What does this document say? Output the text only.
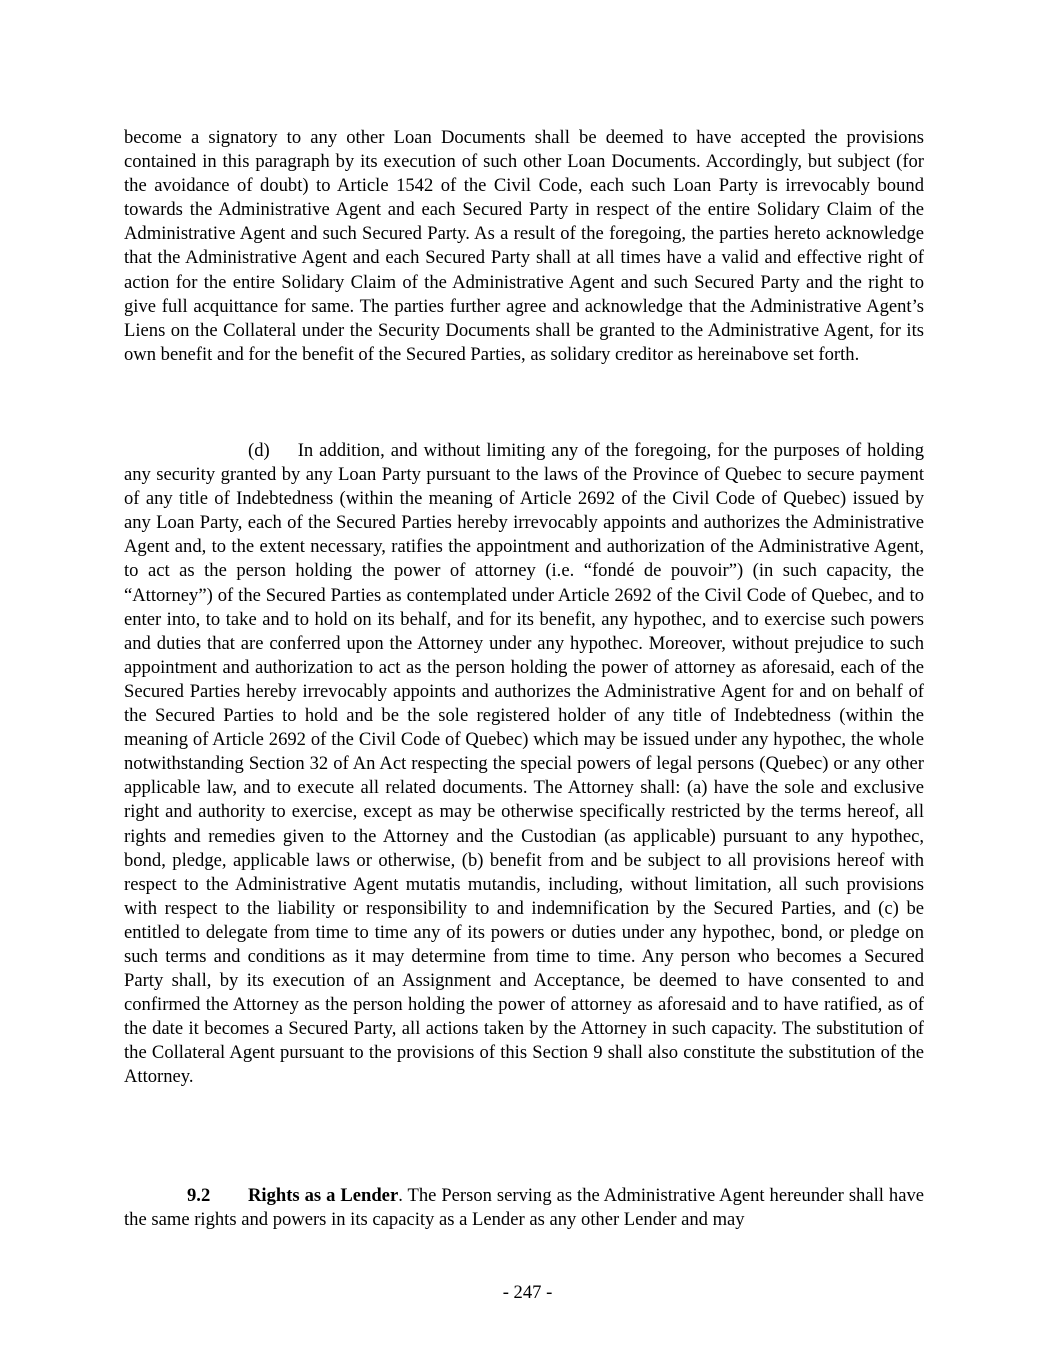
become a signatory to any other Loan Documents shall be deemed to have accepted the provisions contained in this paragraph by its execution of such other Loan Documents. Accordingly, but subject (for the avoidance of doubt) to Article 1542 of the Civil Code, each such Loan Party is irrevocably bound towards the Administrative Agent and each Secured Party in respect of the entire Solidary Claim of the Administrative Agent and such Secured Party. As a result of the foregoing, the parties hereto acknowledge that the Administrative Agent and each Secured Party shall at all times have a valid and effective right of action for the entire Solidary Claim of the Administrative Agent and such Secured Party and the right to give full acquittance for same. The parties further agree and acknowledge that the Administrative Agent’s Liens on the Collateral under the Security Documents shall be granted to the Administrative Agent, for its own benefit and for the benefit of the Secured Parties, as solidary creditor as hereinabove set forth.

(d) In addition, and without limiting any of the foregoing, for the purposes of holding any security granted by any Loan Party pursuant to the laws of the Province of Quebec to secure payment of any title of Indebtedness (within the meaning of Article 2692 of the Civil Code of Quebec) issued by any Loan Party, each of the Secured Parties hereby irrevocably appoints and authorizes the Administrative Agent and, to the extent necessary, ratifies the appointment and authorization of the Administrative Agent, to act as the person holding the power of attorney (i.e. “fondé de pouvoir”) (in such capacity, the “Attorney”) of the Secured Parties as contemplated under Article 2692 of the Civil Code of Quebec, and to enter into, to take and to hold on its behalf, and for its benefit, any hypothec, and to exercise such powers and duties that are conferred upon the Attorney under any hypothec. Moreover, without prejudice to such appointment and authorization to act as the person holding the power of attorney as aforesaid, each of the Secured Parties hereby irrevocably appoints and authorizes the Administrative Agent for and on behalf of the Secured Parties to hold and be the sole registered holder of any title of Indebtedness (within the meaning of Article 2692 of the Civil Code of Quebec) which may be issued under any hypothec, the whole notwithstanding Section 32 of An Act respecting the special powers of legal persons (Quebec) or any other applicable law, and to execute all related documents. The Attorney shall: (a) have the sole and exclusive right and authority to exercise, except as may be otherwise specifically restricted by the terms hereof, all rights and remedies given to the Attorney and the Custodian (as applicable) pursuant to any hypothec, bond, pledge, applicable laws or otherwise, (b) benefit from and be subject to all provisions hereof with respect to the Administrative Agent mutatis mutandis, including, without limitation, all such provisions with respect to the liability or responsibility to and indemnification by the Secured Parties, and (c) be entitled to delegate from time to time any of its powers or duties under any hypothec, bond, or pledge on such terms and conditions as it may determine from time to time. Any person who becomes a Secured Party shall, by its execution of an Assignment and Acceptance, be deemed to have consented to and confirmed the Attorney as the person holding the power of attorney as aforesaid and to have ratified, as of the date it becomes a Secured Party, all actions taken by the Attorney in such capacity. The substitution of the Collateral Agent pursuant to the provisions of this Section 9 shall also constitute the substitution of the Attorney.

9.2 Rights as a Lender. The Person serving as the Administrative Agent hereunder shall have the same rights and powers in its capacity as a Lender as any other Lender and may

- 247 -
